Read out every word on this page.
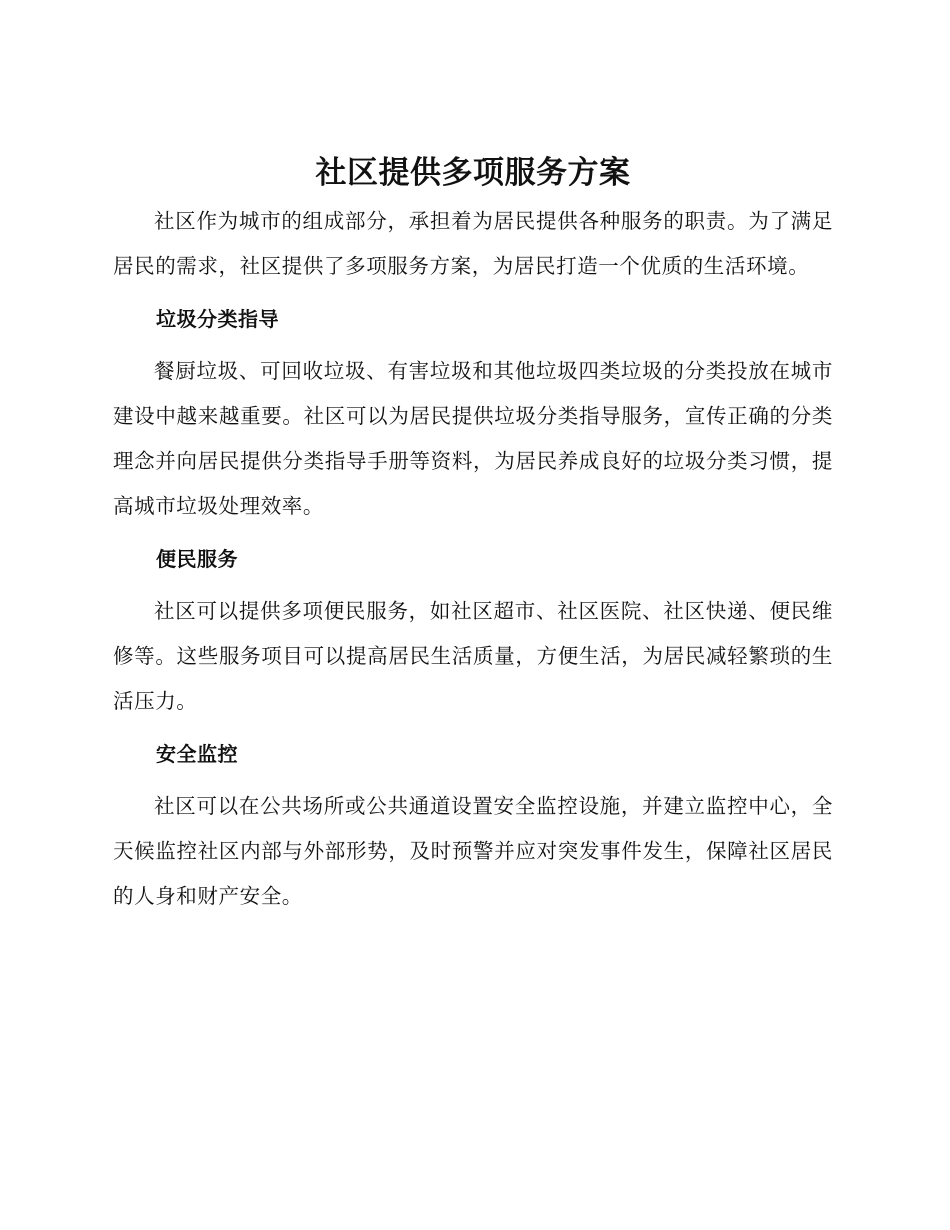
社区提供多项服务方案

社区作为城市的组成部分，承担着为居民提供各种服务的职责。为了满足居民的需求，社区提供了多项服务方案，为居民打造一个优质的生活环境。

垃圾分类指导

餐厨垃圾、可回收垃圾、有害垃圾和其他垃圾四类垃圾的分类投放在城市建设中越来越重要。社区可以为居民提供垃圾分类指导服务，宣传正确的分类理念并向居民提供分类指导手册等资料，为居民养成良好的垃圾分类习惯，提高城市垃圾处理效率。

便民服务

社区可以提供多项便民服务，如社区超市、社区医院、社区快递、便民维修等。这些服务项目可以提高居民生活质量，方便生活，为居民减轻繁琐的生活压力。

安全监控

社区可以在公共场所或公共通道设置安全监控设施，并建立监控中心，全天候监控社区内部与外部形势，及时预警并应对突发事件发生，保障社区居民的人身和财产安全。
